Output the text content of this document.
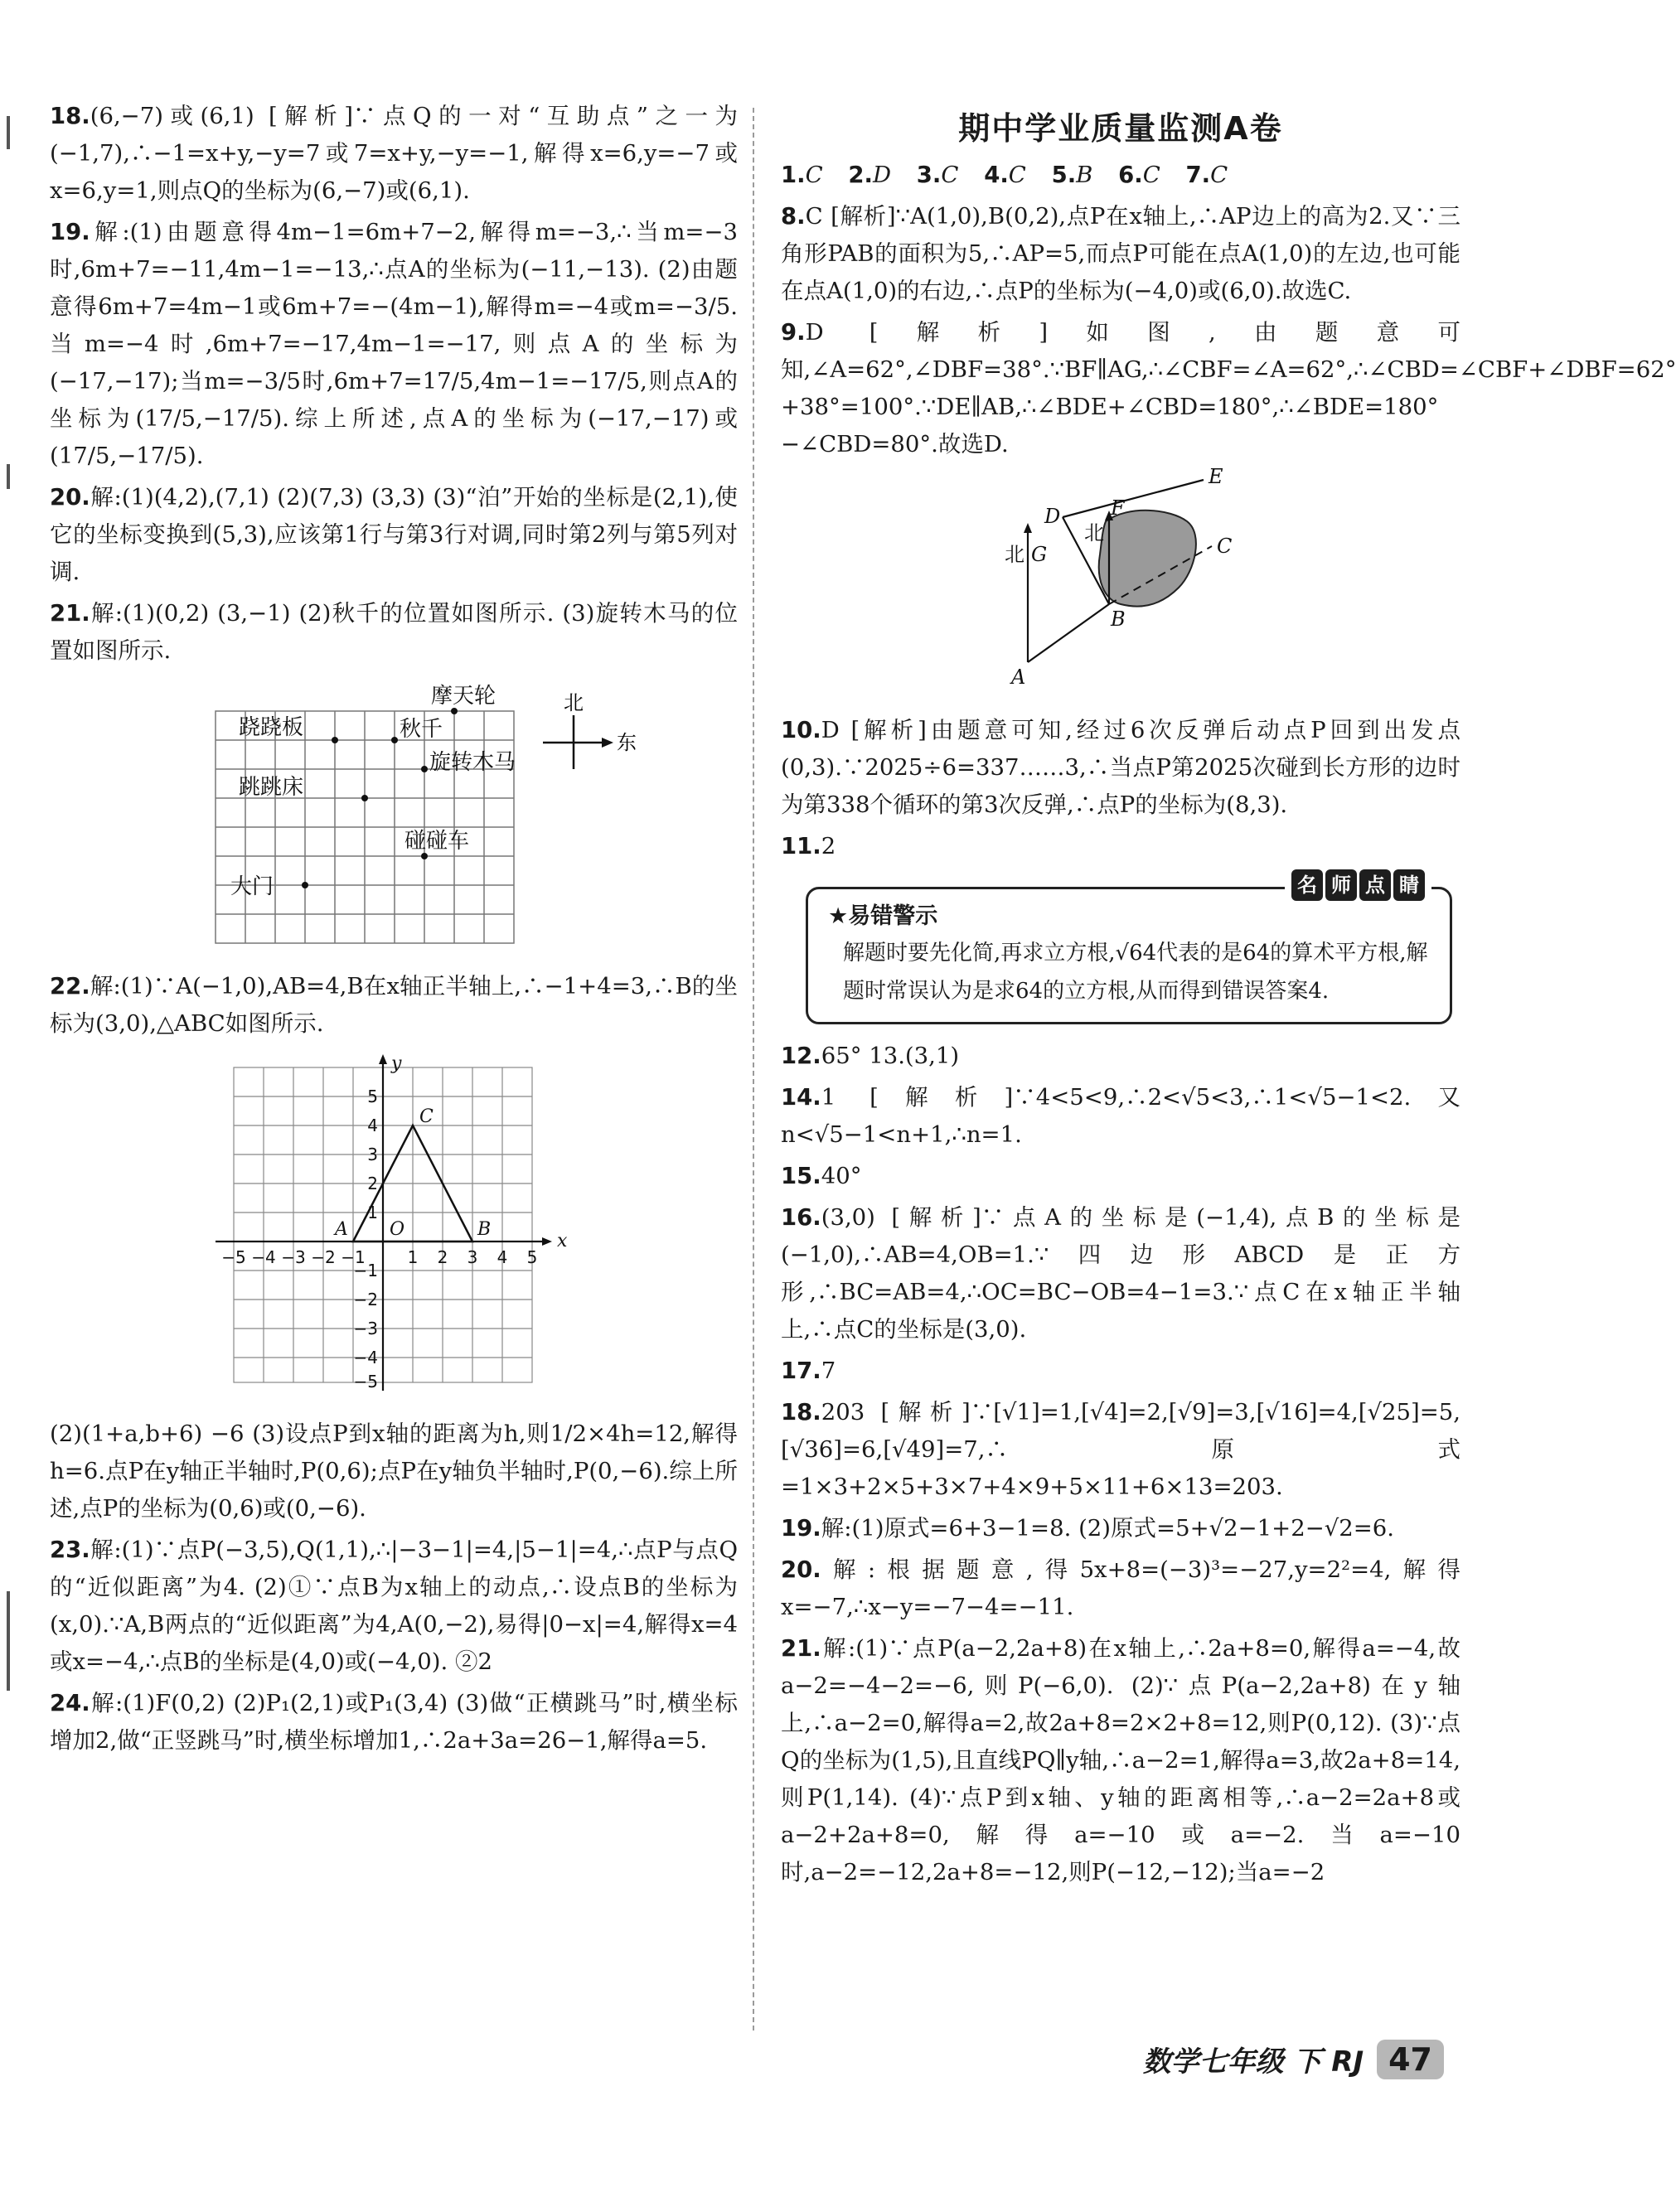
18.(6,−7)或(6,1) [解析]∵点Q的一对“互助点”之一为(−1,7),∴−1=x+y,−y=7或7=x+y,−y=−1,解得x=6,y=−7或x=6,y=1,则点Q的坐标为(6,−7)或(6,1).

19.解:(1)由题意得4m−1=6m+7−2,解得m=−3,∴当m=−3时,6m+7=−11,4m−1=−13,∴点A的坐标为(−11,−13). (2)由题意得6m+7=4m−1或6m+7=−(4m−1),解得m=−4或m=−3/5.当m=−4时,6m+7=−17,4m−1=−17,则点A的坐标为(−17,−17);当m=−3/5时,6m+7=17/5,4m−1=−17/5,则点A的坐标为(17/5,−17/5).综上所述,点A的坐标为(−17,−17)或(17/5,−17/5).

20.解:(1)(4,2),(7,1) (2)(7,3) (3,3) (3)“泊”开始的坐标是(2,1),使它的坐标变换到(5,3),应该第1行与第3行对调,同时第2列与第5列对调.

21.解:(1)(0,2) (3,−1) (2)秋千的位置如图所示. (3)旋转木马的位置如图所示.

摩天轮
跷跷板	秋千
旋转木马
跳跳床
碰碰车
大门
北
东

22.解:(1)∵A(−1,0),AB=4,B在x轴正半轴上,∴−1+4=3,∴B的坐标为(3,0),△ABC如图所示.

x
y
O
A	B
C
−5 −4 −3 −2 −1	1 2 3 4 5
5
4
3
2
1
−1
−2
−3
−4
−5

(2)(1+a,b+6) −6 (3)设点P到x轴的距离为h,则1/2×4h=12,解得h=6.点P在y轴正半轴时,P(0,6);点P在y轴负半轴时,P(0,−6).综上所述,点P的坐标为(0,6)或(0,−6).

23.解:(1)∵点P(−3,5),Q(1,1),∴|−3−1|=4,|5−1|=4,∴点P与点Q的“近似距离”为4. (2)①∵点B为x轴上的动点,∴设点B的坐标为(x,0).∵A,B两点的“近似距离”为4,A(0,−2),易得|0−x|=4,解得x=4或x=−4,∴点B的坐标是(4,0)或(−4,0). ②2

24.解:(1)F(0,2) (2)P₁(2,1)或P₁(3,4) (3)做“正横跳马”时,横坐标增加2,做“正竖跳马”时,横坐标增加1,∴2a+3a=26−1,解得a=5.

期中学业质量监测A卷
1.C 2.D 3.C 4.C 5.B 6.C 7.C

8.C [解析]∵A(1,0),B(0,2),点P在x轴上,∴AP边上的高为2.又∵三角形PAB的面积为5,∴AP=5,而点P可能在点A(1,0)的左边,也可能在点A(1,0)的右边,∴点P的坐标为(−4,0)或(6,0).故选C.

9.D [解析]如图,由题意可知,∠A=62°,∠DBF=38°.∵BF∥AG,∴∠CBF=∠A=62°,∴∠CBD=∠CBF+∠DBF=62°+38°=100°.∵DE∥AB,∴∠BDE+∠CBD=180°,∴∠BDE=180°−∠CBD=80°.故选D.

E
D	F
C
G
B
A
北
北

10.D [解析]由题意可知,经过6次反弹后动点P回到出发点(0,3).∵2025÷6=337……3,∴当点P第2025次碰到长方形的边时为第338个循环的第3次反弹,∴点P的坐标为(8,3).

11.2

名 师 点 睛
★易错警示
解题时要先化简,再求立方根,√64代表的是64的算术平方根,解题时常误认为是求64的立方根,从而得到错误答案4.

12.65° 13.(3,1)

14.1 [解析]∵4<5<9,∴2<√5<3,∴1<√5−1<2.又n<√5−1<n+1,∴n=1.

15.40°

16.(3,0) [解析]∵点A的坐标是(−1,4),点B的坐标是(−1,0),∴AB=4,OB=1.∵四边形ABCD是正方形,∴BC=AB=4,∴OC=BC−OB=4−1=3.∵点C在x轴正半轴上,∴点C的坐标是(3,0).

17.7

18.203 [解析]∵[√1]=1,[√4]=2,[√9]=3,[√16]=4,[√25]=5,[√36]=6,[√49]=7,∴原式=1×3+2×5+3×7+4×9+5×11+6×13=203.

19.解:(1)原式=6+3−1=8. (2)原式=5+√2−1+2−√2=6.

20.解:根据题意,得5x+8=(−3)³=−27,y=2²=4,解得x=−7,∴x−y=−7−4=−11.

21.解:(1)∵点P(a−2,2a+8)在x轴上,∴2a+8=0,解得a=−4,故a−2=−4−2=−6,则P(−6,0). (2)∵点P(a−2,2a+8)在y轴上,∴a−2=0,解得a=2,故2a+8=2×2+8=12,则P(0,12). (3)∵点Q的坐标为(1,5),且直线PQ∥y轴,∴a−2=1,解得a=3,故2a+8=14,则P(1,14). (4)∵点P到x轴、y轴的距离相等,∴a−2=2a+8或a−2+2a+8=0,解得a=−10或a=−2.当a=−10时,a−2=−12,2a+8=−12,则P(−12,−12);当a=−2

数学七年级 下 RJ 47
